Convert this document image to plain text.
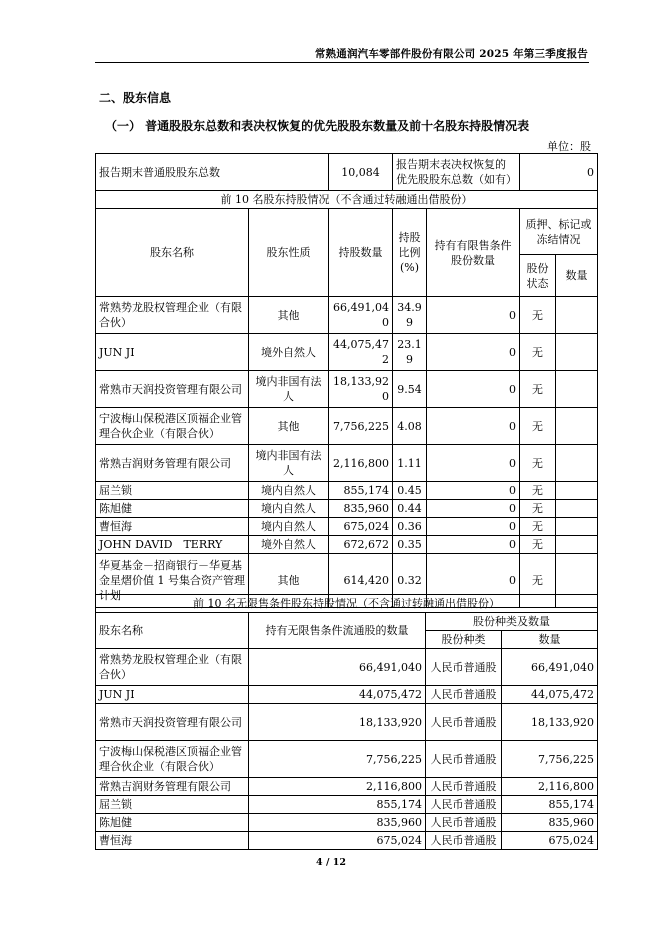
常熟通润汽车零部件股份有限公司 2025 年第三季度报告
二、股东信息
（一） 普通股股东总数和表决权恢复的优先股股东数量及前十名股东持股情况表
单位：股
报告期末普通股股东总数		10,084	报告期末表决权恢复的优先股股东总数（如有）		0	
前 10 名股东持股情况（不含通过转融通出借股份）						
股东名称	股东性质	持股数量	持股比例(%)	持有有限售条件股份数量	质押、标记或冻结情况	
					股份状态	数量
常熟势龙股权管理企业（有限合伙）	其他	66,491,040	34.99	0	无	
JUN JI	境外自然人	44,075,472	23.19	0	无	
常熟市天润投资管理有限公司	境内非国有法人	18,133,920	9.54	0	无	
宁波梅山保税港区顶福企业管理合伙企业（有限合伙）	其他	7,756,225	4.08	0	无	
常熟吉润财务管理有限公司	境内非国有法人	2,116,800	1.11	0	无	
屈兰锁	境内自然人	855,174	0.45	0	无	
陈旭健	境内自然人	835,960	0.44	0	无	
曹恒海	境内自然人	675,024	0.36	0	无	
JOHN DAVID　TERRY	境外自然人	672,672	0.35	0	无	
华夏基金－招商银行－华夏基金星熠价值 1 号集合资产管理计划	其他	614,420	0.32	0	无	
前 10 名无限售条件股东持股情况（不含通过转融通出借股份）			
股东名称	持有无限售条件流通股的数量	股份种类及数量	
		股份种类	数量
常熟势龙股权管理企业（有限合伙）	66,491,040	人民币普通股	66,491,040
JUN JI	44,075,472	人民币普通股	44,075,472
常熟市天润投资管理有限公司	18,133,920	人民币普通股	18,133,920
宁波梅山保税港区顶福企业管理合伙企业（有限合伙）	7,756,225	人民币普通股	7,756,225
常熟吉润财务管理有限公司	2,116,800	人民币普通股	2,116,800
屈兰锁	855,174	人民币普通股	855,174
陈旭健	835,960	人民币普通股	835,960
曹恒海	675,024	人民币普通股	675,024
4 / 12
